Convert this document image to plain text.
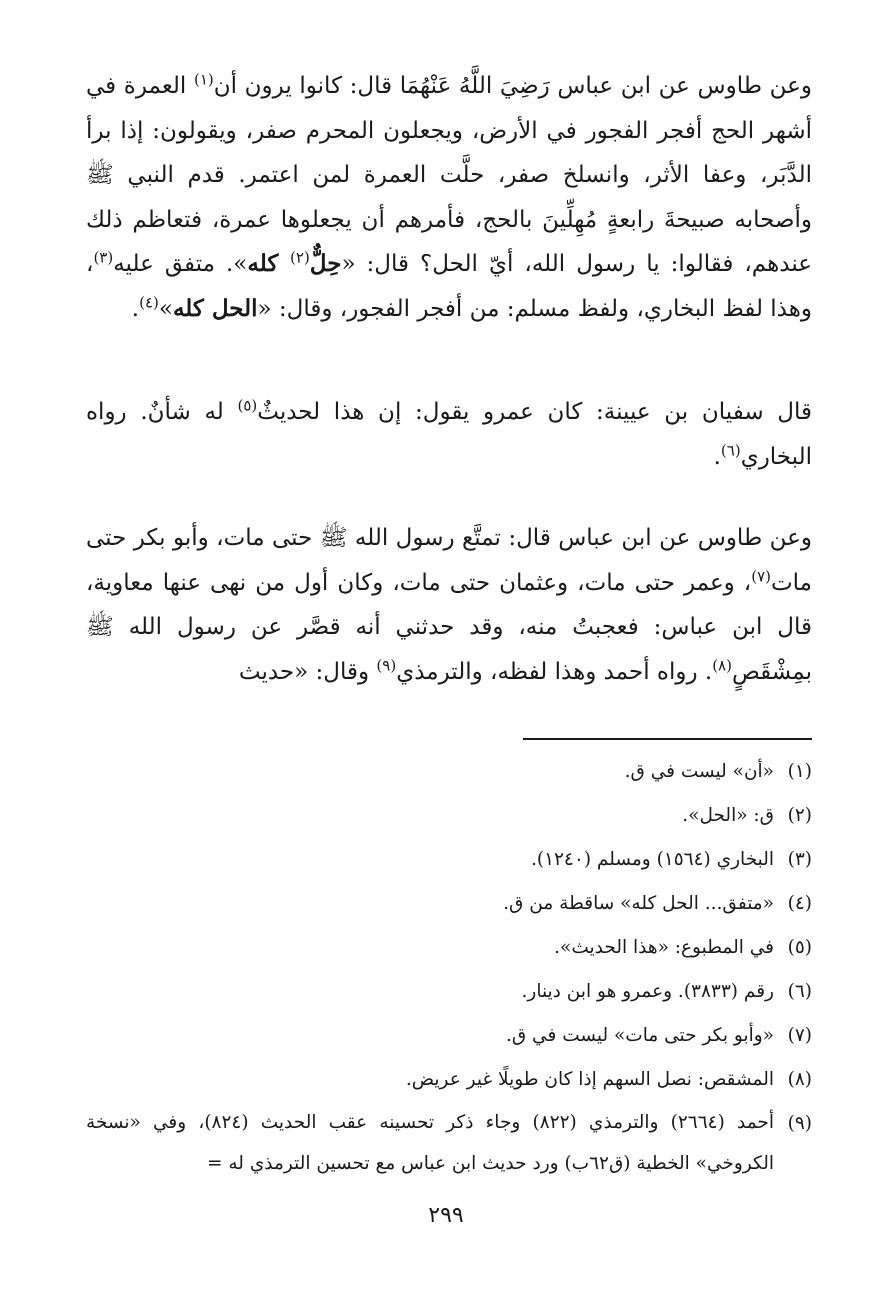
وعن طاوس عن ابن عباس رَضِيَ اللَّهُ عَنْهُمَا قال: كانوا يرون أن$^{(١)}$ العمرة في أشهر الحج أفجر الفجور في الأرض، ويجعلون المحرم صفر، ويقولون: إذا برأ الدَّبَر، وعفا الأثر، وانسلخ صفر، حلَّت العمرة لمن اعتمر. قدم النبي ﷺ وأصحابه صبيحةَ رابعةٍ مُهِلِّينَ بالحج، فأمرهم أن يجعلوها عمرة، فتعاظم ذلك عندهم، فقالوا: يا رسول الله، أيّ الحل؟ قال: «حِلٌّ$^{(٢)}$ كله». متفق عليه$^{(٣)}$، وهذا لفظ البخاري، ولفظ مسلم: من أفجر الفجور، وقال: «الحل كله»$^{(٤)}$.

قال سفيان بن عيينة: كان عمرو يقول: إن هذا لحديثٌ$^{(٥)}$ له شأنٌ. رواه البخاري$^{(٦)}$.

وعن طاوس عن ابن عباس قال: تمتَّع رسول الله ﷺ حتى مات، وأبو بكر حتى مات$^{(٧)}$، وعمر حتى مات، وعثمان حتى مات، وكان أول من نهى عنها معاوية، قال ابن عباس: فعجبتُ منه، وقد حدثني أنه قصَّر عن رسول الله ﷺ بمِشْقَصٍ$^{(٨)}$. رواه أحمد وهذا لفظه، والترمذي$^{(٩)}$ وقال: «حديث

(١)
«أن» ليست في ق.
(٢)
ق: «الحل».
(٣)
البخاري (١٥٦٤) ومسلم (١٢٤٠).
(٤)
«متفق... الحل كله» ساقطة من ق.
(٥)
في المطبوع: «هذا الحديث».
(٦)
رقم (٣٨٣٣). وعمرو هو ابن دينار.
(٧)
«وأبو بكر حتى مات» ليست في ق.
(٨)
المشقص: نصل السهم إذا كان طويلًا غير عريض.
(٩)
أحمد (٢٦٦٤) والترمذي (٨٢٢) وجاء ذكر تحسينه عقب الحديث (٨٢٤)، وفي «نسخة الكروخي» الخطية (ق٦٢ب) ورد حديث ابن عباس مع تحسين الترمذي له =
٢٩٩
